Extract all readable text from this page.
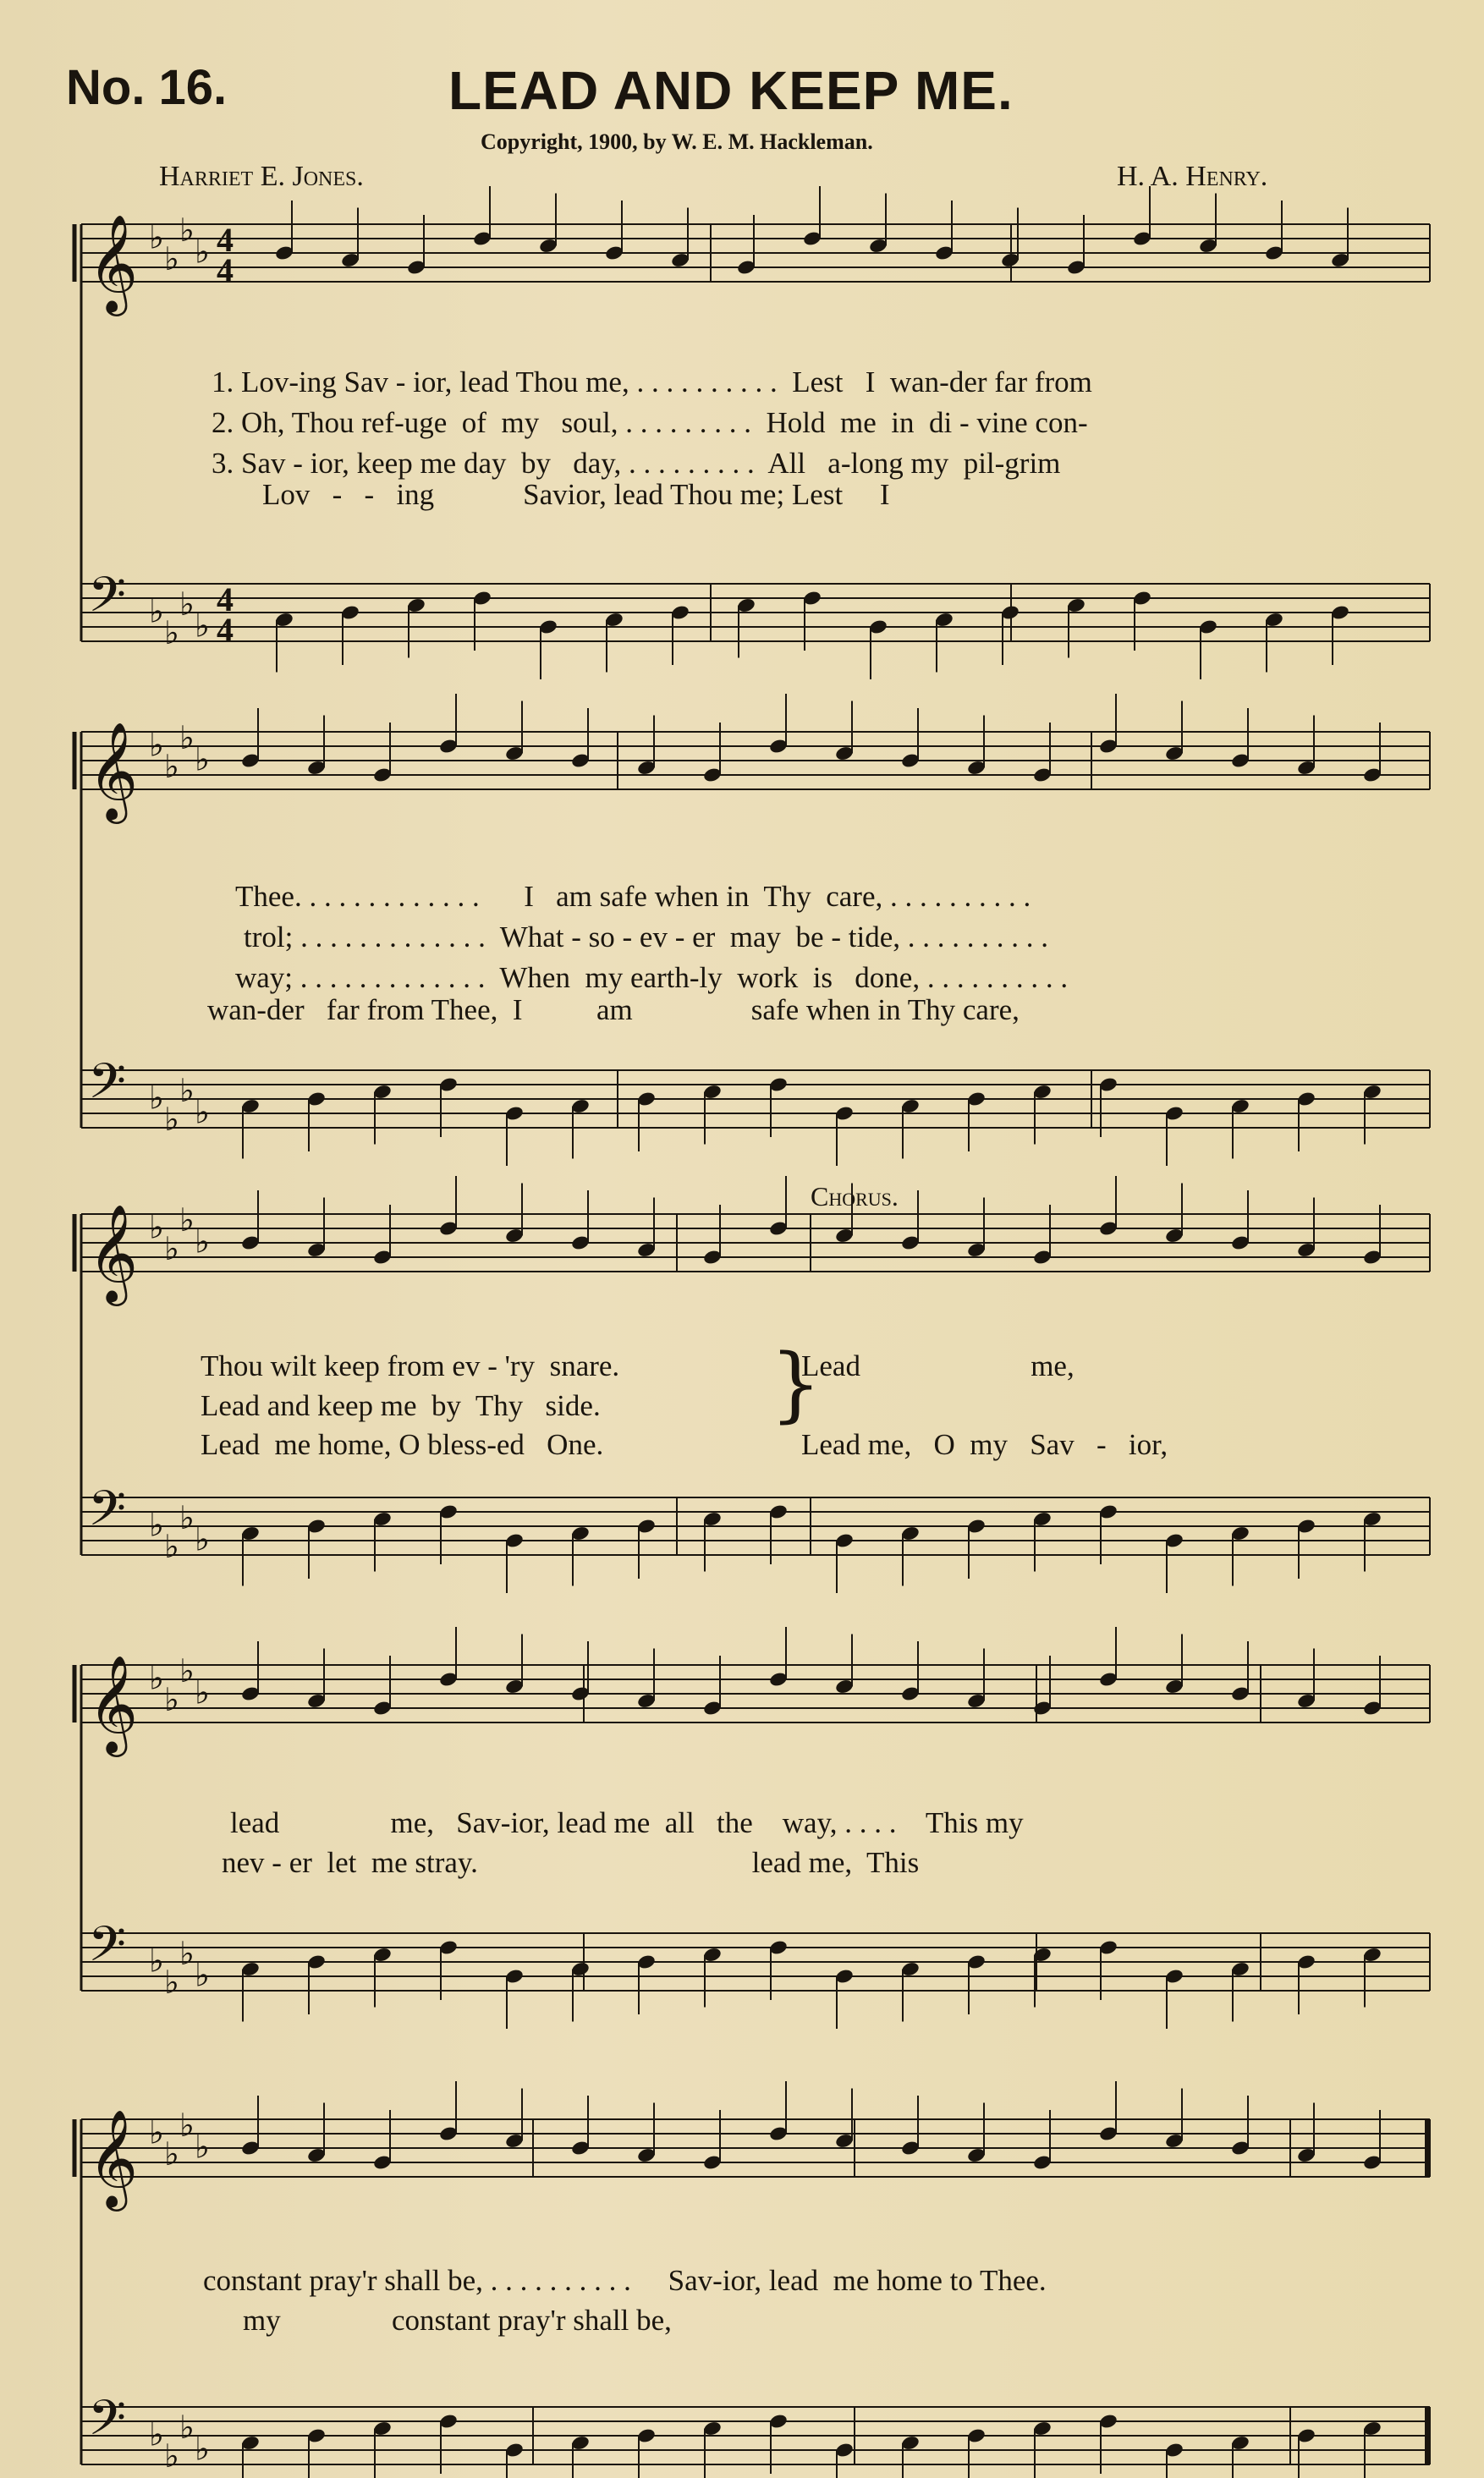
No. 16.	LEAD AND KEEP ME.
Copyright, 1900, by W. E. M. Hackleman.
Harriet E. Jones.	H. A. Henry.
𝄞 ♭
♭
♭
♭ 4
4
𝄢 ♭
♭
♭
♭
4
4
𝄞 ♭
♭
♭
♭
𝄢 ♭
♭
♭
♭
𝄞 ♭
♭
♭
♭
𝄢 ♭
♭
♭
♭
𝄞 ♭
♭
♭
♭
𝄢 ♭
♭
♭
♭
𝄞 ♭
♭
♭
♭
𝄢 ♭
♭
♭
♭
1. Lov-ing Sav - ior, lead Thou me, . . . . . . . . . .  Lest   I  wan-der far from
2. Oh, Thou ref-uge  of  my   soul, . . . . . . . . .  Hold  me  in  di - vine con-
3. Sav - ior, keep me day  by   day, . . . . . . . . .  All   a-long my  pil-grim
Lov   -   -   ing            Savior, lead Thou me; Lest     I
Thee. . . . . . . . . . . . .      I   am safe when in  Thy  care, . . . . . . . . . .
trol; . . . . . . . . . . . . .  What - so - ev - er  may  be - tide, . . . . . . . . . .
way; . . . . . . . . . . . . .  When  my earth-ly  work  is   done, . . . . . . . . . .
wan-der   far from Thee,  I          am                safe when in Thy care,
Chorus.
Thou wilt keep from ev - 'ry  snare.
Lead and keep me  by  Thy   side.
Lead  me home, O bless-ed   One.
}
Lead                       me,
Lead me,   O  my   Sav   -   ior,
lead               me,   Sav-ior, lead me  all   the    way, . . . .    This my
nev - er  let  me stray.                                     lead me,  This
constant pray'r shall be, . . . . . . . . . .     Sav-ior, lead  me home to Thee.
my               constant pray'r shall be,
